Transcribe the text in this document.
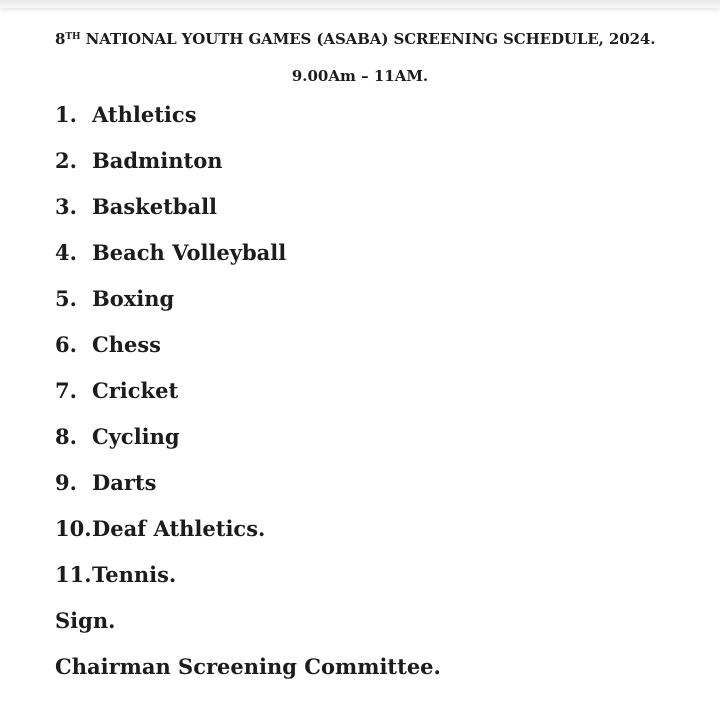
8TH NATIONAL YOUTH GAMES (ASABA) SCREENING SCHEDULE, 2024.
9.00Am – 11AM.
1. Athletics
2. Badminton
3. Basketball
4. Beach Volleyball
5. Boxing
6. Chess
7. Cricket
8. Cycling
9. Darts
10. Deaf Athletics.
11. Tennis.
Sign.
Chairman Screening Committee.
